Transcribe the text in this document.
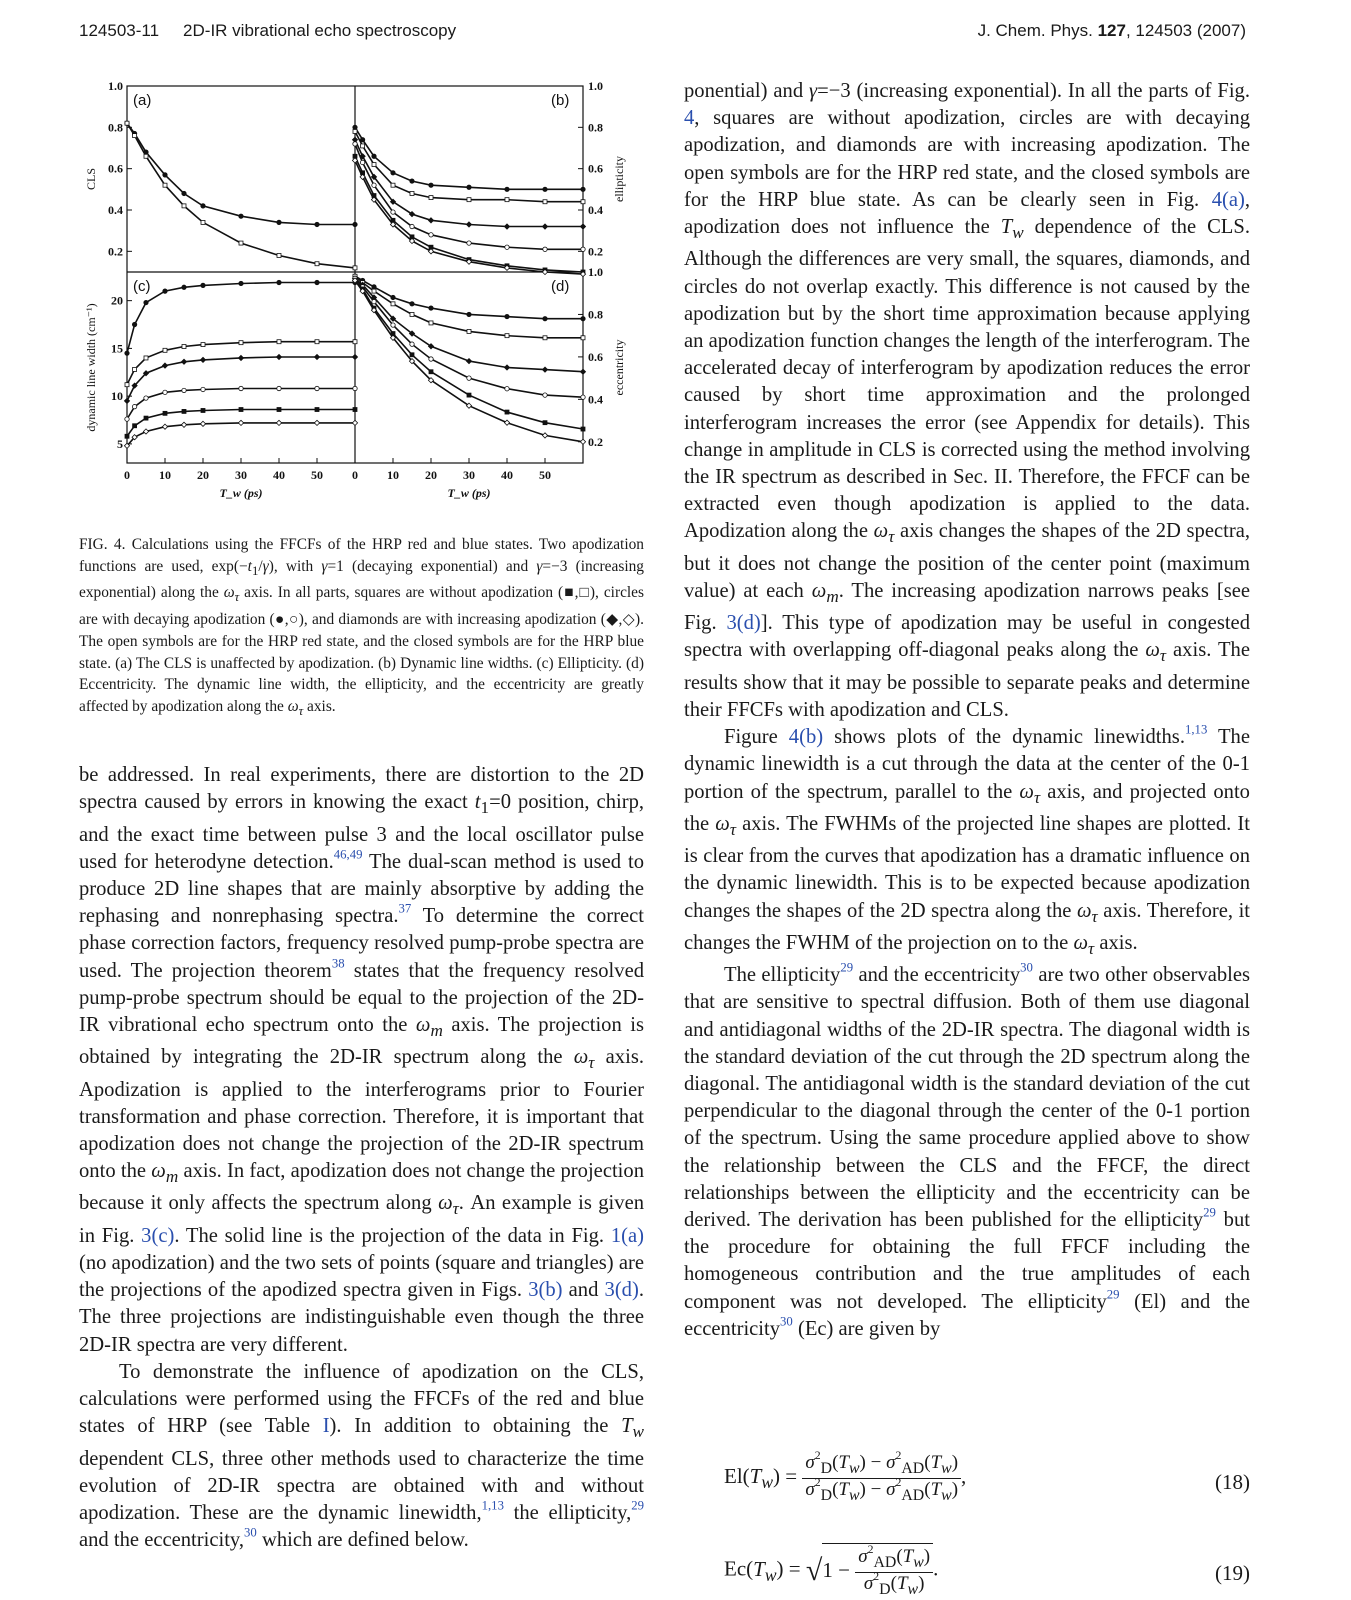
124503-11 2D-IR vibrational echo spectroscopy	J. Chem. Phys. 127, 124503 (2007)
(a)
1.0
0.8
0.6
0.4
0.2
(b)
1.0
0.8
0.6
0.4
0.2
(c)
20
15
10
5
(d)
1.0
0.8
0.6
0.4
0.2
0 10 20 30 40 50
T_w (ps)
0 10 20 30 40 50
T_w (ps)
CLS
dynamic line width (cm⁻¹)
ellipticity
eccentricity
FIG. 4. Calculations using the FFCFs of the HRP red and blue states. Two apodization functions are used, $\exp(-t_1/\gamma)$, with γ=1 (decaying exponential) and γ=−3 (increasing exponential) along the $\omega_\tau$ axis. In all parts, squares are without apodization (■,□), circles are with decaying apodization (●,○), and diamonds are with increasing apodization (◆,◇). The open symbols are for the HRP red state, and the closed symbols are for the HRP blue state. (a) The CLS is unaffected by apodization. (b) Dynamic line widths. (c) Ellipticity. (d) Eccentricity. The dynamic line width, the ellipticity, and the eccentricity are greatly affected by apodization along the $\omega_\tau$ axis.

be addressed. In real experiments, there are distortion to the 2D spectra caused by errors in knowing the exact $t_1=0$ position, chirp, and the exact time between pulse 3 and the local oscillator pulse used for heterodyne detection.$^{46,49}$ The dual-scan method is used to produce 2D line shapes that are mainly absorptive by adding the rephasing and nonrephasing spectra.$^{37}$ To determine the correct phase correction factors, frequency resolved pump-probe spectra are used. The projection theorem$^{38}$ states that the frequency resolved pump-probe spectrum should be equal to the projection of the 2D-IR vibrational echo spectrum onto the $\omega_m$ axis. The projection is obtained by integrating the 2D-IR spectrum along the $\omega_\tau$ axis. Apodization is applied to the interferograms prior to Fourier transformation and phase correction. Therefore, it is important that apodization does not change the projection of the 2D-IR spectrum onto the $\omega_m$ axis. In fact, apodization does not change the projection because it only affects the spectrum along $\omega_\tau$. An example is given in Fig. 3(c). The solid line is the projection of the data in Fig. 1(a) (no apodization) and the two sets of points (square and triangles) are the projections of the apodized spectra given in Figs. 3(b) and 3(d). The three projections are indistinguishable even though the three 2D-IR spectra are very different.

To demonstrate the influence of apodization on the CLS, calculations were performed using the FFCFs of the red and blue states of HRP (see Table I). In addition to obtaining the $T_w$ dependent CLS, three other methods used to characterize the time evolution of 2D-IR spectra are obtained with and without apodization. These are the dynamic linewidth,$^{1,13}$ the ellipticity,$^{29}$ and the eccentricity,$^{30}$ which are defined below.

ponential) and γ=−3 (increasing exponential). In all the parts of Fig. 4, squares are without apodization, circles are with decaying apodization, and diamonds are with increasing apodization. The open symbols are for the HRP red state, and the closed symbols are for the HRP blue state. As can be clearly seen in Fig. 4(a), apodization does not influence the $T_w$ dependence of the CLS. Although the differences are very small, the squares, diamonds, and circles do not overlap exactly. This difference is not caused by the apodization but by the short time approximation because applying an apodization function changes the length of the interferogram. The accelerated decay of interferogram by apodization reduces the error caused by short time approximation and the prolonged interferogram increases the error (see Appendix for details). This change in amplitude in CLS is corrected using the method involving the IR spectrum as described in Sec. II. Therefore, the FFCF can be extracted even though apodization is applied to the data. Apodization along the $\omega_\tau$ axis changes the shapes of the 2D spectra, but it does not change the position of the center point (maximum value) at each $\omega_m$. The increasing apodization narrows peaks [see Fig. 3(d)]. This type of apodization may be useful in congested spectra with overlapping off-diagonal peaks along the $\omega_\tau$ axis. The results show that it may be possible to separate peaks and determine their FFCFs with apodization and CLS.

Figure 4(b) shows plots of the dynamic linewidths.$^{1,13}$ The dynamic linewidth is a cut through the data at the center of the 0-1 portion of the spectrum, parallel to the $\omega_\tau$ axis, and projected onto the $\omega_\tau$ axis. The FWHMs of the projected line shapes are plotted. It is clear from the curves that apodization has a dramatic influence on the dynamic linewidth. This is to be expected because apodization changes the shapes of the 2D spectra along the $\omega_\tau$ axis. Therefore, it changes the FWHM of the projection on to the $\omega_\tau$ axis.

The ellipticity$^{29}$ and the eccentricity$^{30}$ are two other observables that are sensitive to spectral diffusion. Both of them use diagonal and antidiagonal widths of the 2D-IR spectra. The diagonal width is the standard deviation of the cut through the 2D spectrum along the diagonal. The antidiagonal width is the standard deviation of the cut perpendicular to the diagonal through the center of the 0-1 portion of the spectrum. Using the same procedure applied above to show the relationship between the CLS and the FFCF, the direct relationships between the ellipticity and the eccentricity can be derived. The derivation has been published for the ellipticity$^{29}$ but the procedure for obtaining the full FFCF including the homogeneous contribution and the true amplitudes of each component was not developed. The ellipticity$^{29}$ (El) and the eccentricity$^{30}$ (Ec) are given by

$El(T_w) = \frac{\sigma^2_D(T_w) - \sigma^2_{AD}(T_w)}{\sigma^2_D(T_w) - \sigma^2_{AD}(T_w)}$ ,	(18)
$Ec(T_w) = √1 - \frac{\sigma^2_{AD}(T_w)}{\sigma^2_D(T_w)}$ .	(19)
